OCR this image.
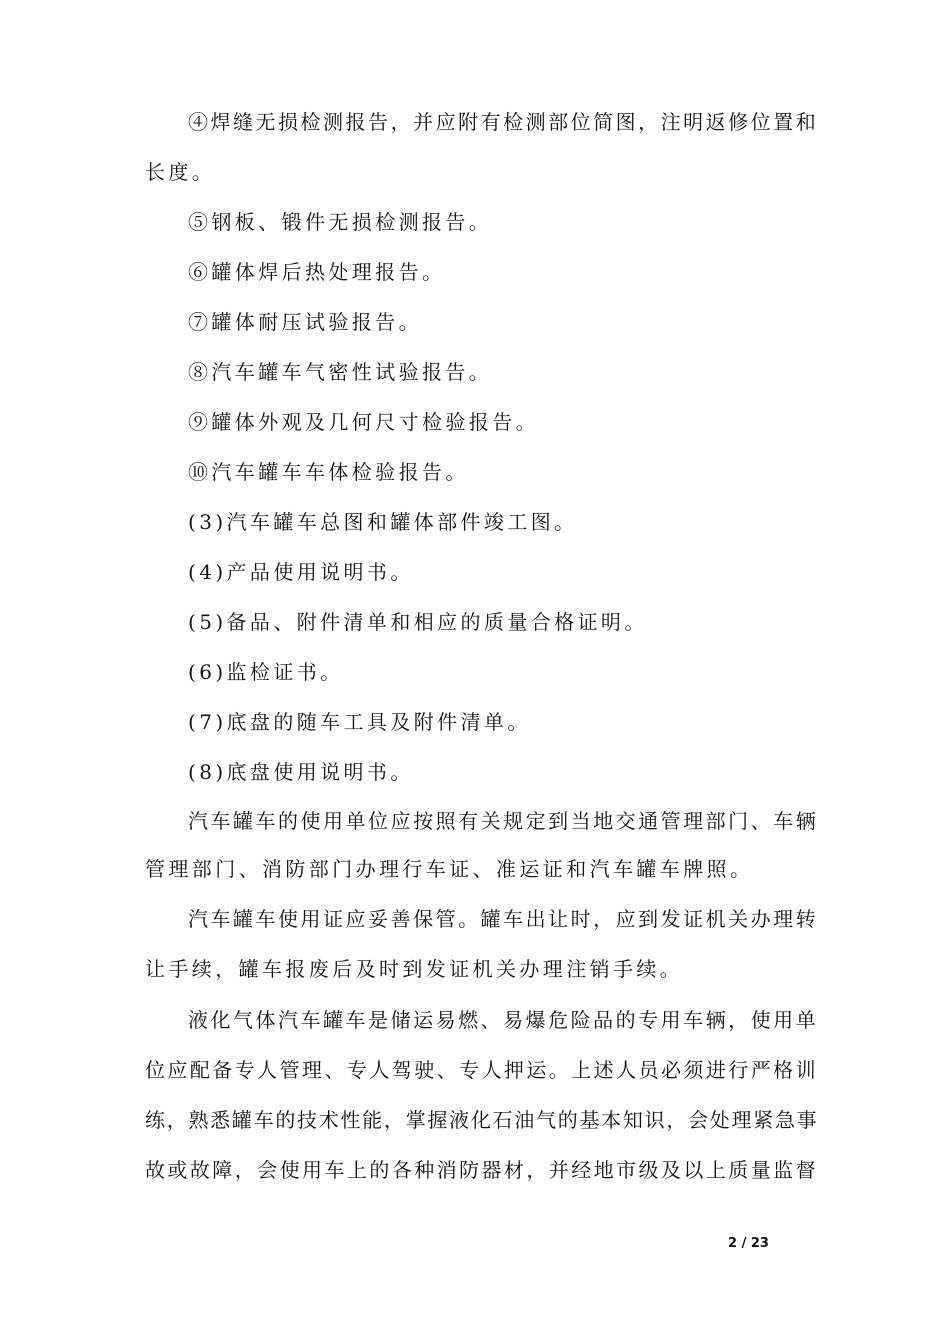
④焊缝无损检测报告，并应附有检测部位简图，注明返修位置和
长度。
⑤钢板、锻件无损检测报告。
⑥罐体焊后热处理报告。
⑦罐体耐压试验报告。
⑧汽车罐车气密性试验报告。
⑨罐体外观及几何尺寸检验报告。
⑩汽车罐车车体检验报告。
(3)汽车罐车总图和罐体部件竣工图。
(4)产品使用说明书。
(5)备品、附件清单和相应的质量合格证明。
(6)监检证书。
(7)底盘的随车工具及附件清单。
(8)底盘使用说明书。
汽车罐车的使用单位应按照有关规定到当地交通管理部门、车辆
管理部门、消防部门办理行车证、准运证和汽车罐车牌照。
汽车罐车使用证应妥善保管。罐车出让时，应到发证机关办理转
让手续，罐车报废后及时到发证机关办理注销手续。
液化气体汽车罐车是储运易燃、易爆危险品的专用车辆，使用单
位应配备专人管理、专人驾驶、专人押运。上述人员必须进行严格训
练，熟悉罐车的技术性能，掌握液化石油气的基本知识，会处理紧急事
故或故障，会使用车上的各种消防器材，并经地市级及以上质量监督
2 / 23
